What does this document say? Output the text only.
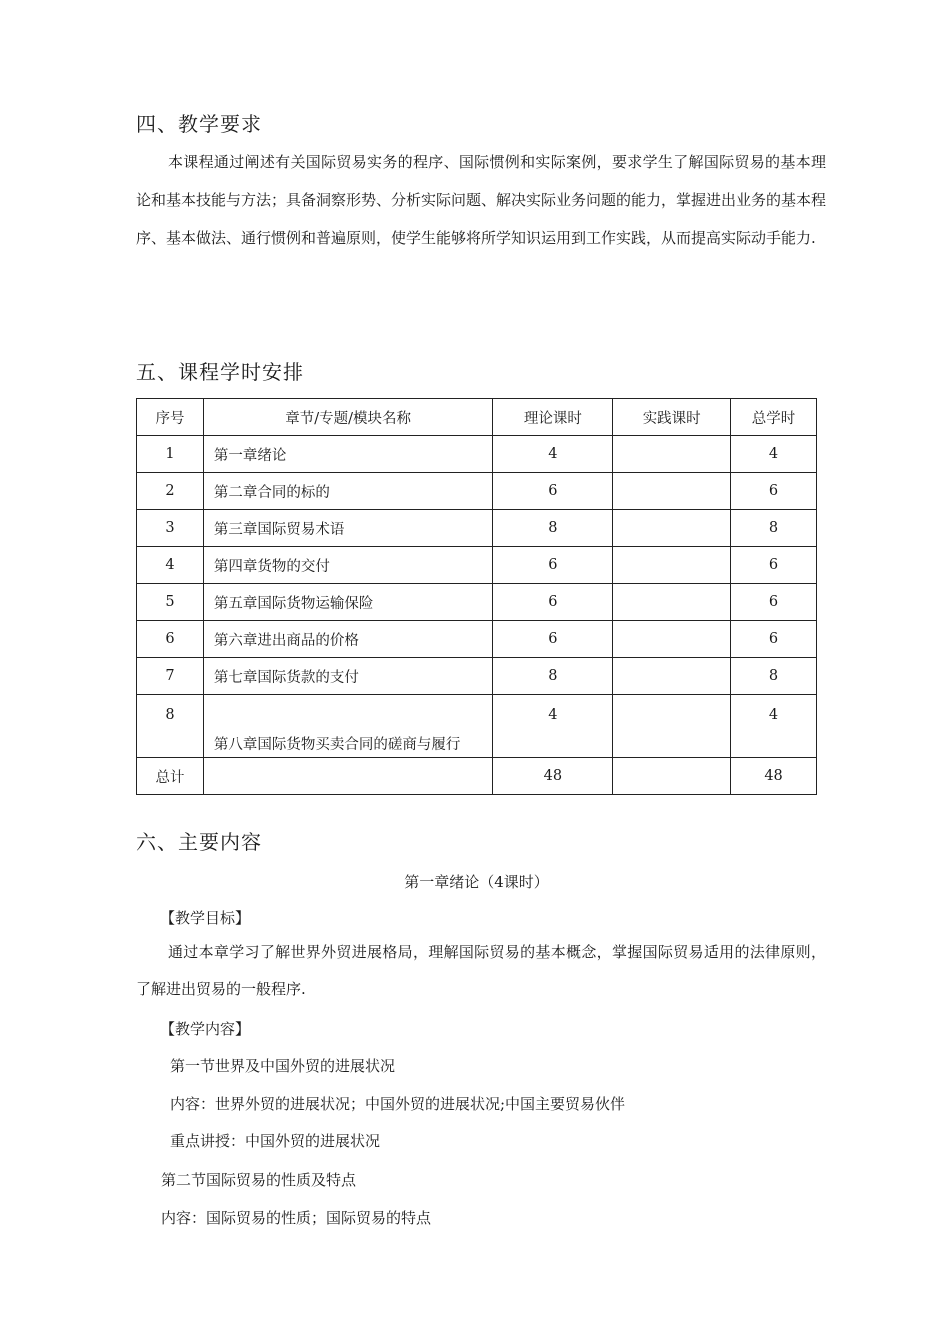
四、教学要求
本课程通过阐述有关国际贸易实务的程序、国际惯例和实际案例，要求学生了解国际贸易的基本理论和基本技能与方法；具备洞察形势、分析实际问题、解决实际业务问题的能力，掌握进出业务的基本程序、基本做法、通行惯例和普遍原则，使学生能够将所学知识运用到工作实践，从而提高实际动手能力.
五、课程学时安排
序号	章节/专题/模块名称	理论课时	实践课时	总学时
1	第一章绪论	4		4
2	第二章合同的标的	6		6
3	第三章国际贸易术语	8		8
4	第四章货物的交付	6		6
5	第五章国际货物运输保险	6		6
6	第六章进出商品的价格	6		6
7	第七章国际货款的支付	8		8
8	第八章国际货物买卖合同的磋商与履行	4		4
总计		48		48
六、主要内容
第一章绪论（4课时）
【教学目标】
通过本章学习了解世界外贸进展格局，理解国际贸易的基本概念，掌握国际贸易适用的法律原则，了解进出贸易的一般程序.
【教学内容】
第一节世界及中国外贸的进展状况
内容：世界外贸的进展状况；中国外贸的进展状况;中国主要贸易伙伴
重点讲授：中国外贸的进展状况
第二节国际贸易的性质及特点
内容：国际贸易的性质；国际贸易的特点
